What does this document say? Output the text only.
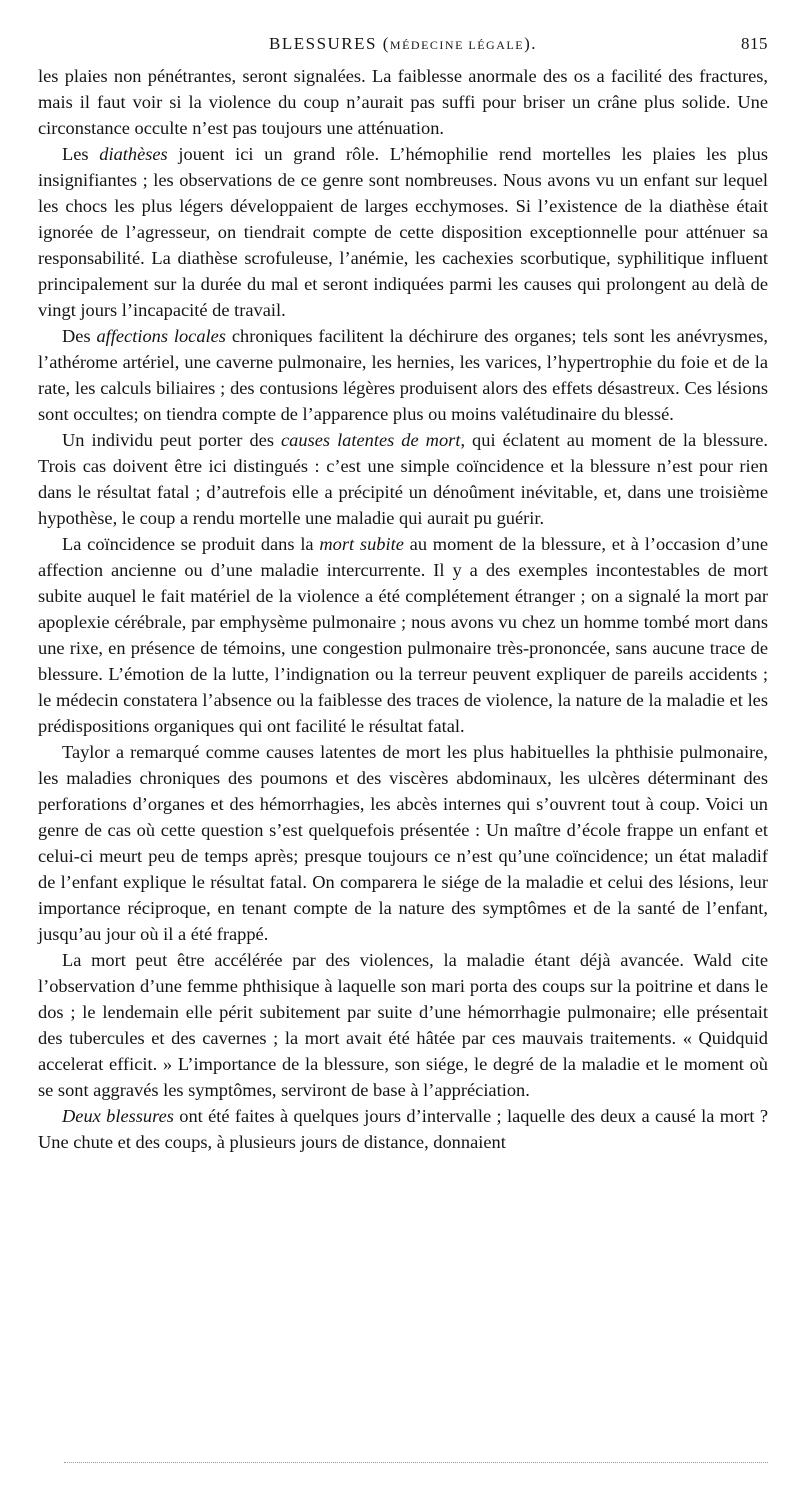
BLESSURES (MÉDECINE LÉGALE).	815

les plaies non pénétrantes, seront signalées. La faiblesse anormale des os a facilité des fractures, mais il faut voir si la violence du coup n’aurait pas suffi pour briser un crâne plus solide. Une circonstance occulte n’est pas toujours une atténuation.

Les diathèses jouent ici un grand rôle. L’hémophilie rend mortelles les plaies les plus insignifiantes ; les observations de ce genre sont nombreuses. Nous avons vu un enfant sur lequel les chocs les plus légers développaient de larges ecchymoses. Si l’existence de la diathèse était ignorée de l’agresseur, on tiendrait compte de cette disposition exceptionnelle pour atténuer sa responsabilité. La diathèse scrofuleuse, l’anémie, les cachexies scorbutique, syphilitique influent principalement sur la durée du mal et seront indiquées parmi les causes qui prolongent au delà de vingt jours l’incapacité de travail.

Des affections locales chroniques facilitent la déchirure des organes; tels sont les anévrysmes, l’athérome artériel, une caverne pulmonaire, les hernies, les varices, l’hypertrophie du foie et de la rate, les calculs biliaires ; des contusions légères produisent alors des effets désastreux. Ces lésions sont occultes; on tiendra compte de l’apparence plus ou moins valétudinaire du blessé.

Un individu peut porter des causes latentes de mort, qui éclatent au moment de la blessure. Trois cas doivent être ici distingués : c’est une simple coïncidence et la blessure n’est pour rien dans le résultat fatal ; d’autrefois elle a précipité un dénoûment inévitable, et, dans une troisième hypothèse, le coup a rendu mortelle une maladie qui aurait pu guérir.

La coïncidence se produit dans la mort subite au moment de la blessure, et à l’occasion d’une affection ancienne ou d’une maladie intercurrente. Il y a des exemples incontestables de mort subite auquel le fait matériel de la violence a été complétement étranger ; on a signalé la mort par apoplexie cérébrale, par emphysème pulmonaire ; nous avons vu chez un homme tombé mort dans une rixe, en présence de témoins, une congestion pulmonaire très-prononcée, sans aucune trace de blessure. L’émotion de la lutte, l’indignation ou la terreur peuvent expliquer de pareils accidents ; le médecin constatera l’absence ou la faiblesse des traces de violence, la nature de la maladie et les prédispositions organiques qui ont facilité le résultat fatal.

Taylor a remarqué comme causes latentes de mort les plus habituelles la phthisie pulmonaire, les maladies chroniques des poumons et des viscères abdominaux, les ulcères déterminant des perforations d’organes et des hémorrhagies, les abcès internes qui s’ouvrent tout à coup. Voici un genre de cas où cette question s’est quelquefois présentée : Un maître d’école frappe un enfant et celui-ci meurt peu de temps après; presque toujours ce n’est qu’une coïncidence; un état maladif de l’enfant explique le résultat fatal. On comparera le siége de la maladie et celui des lésions, leur importance réciproque, en tenant compte de la nature des symptômes et de la santé de l’enfant, jusqu’au jour où il a été frappé.

La mort peut être accélérée par des violences, la maladie étant déjà avancée. Wald cite l’observation d’une femme phthisique à laquelle son mari porta des coups sur la poitrine et dans le dos ; le lendemain elle périt subitement par suite d’une hémorrhagie pulmonaire; elle présentait des tubercules et des cavernes ; la mort avait été hâtée par ces mauvais traitements. « Quidquid accelerat efficit. » L’importance de la blessure, son siége, le degré de la maladie et le moment où se sont aggravés les symptômes, serviront de base à l’appréciation.

Deux blessures ont été faites à quelques jours d’intervalle ; laquelle des deux a causé la mort ? Une chute et des coups, à plusieurs jours de distance, donnaient
